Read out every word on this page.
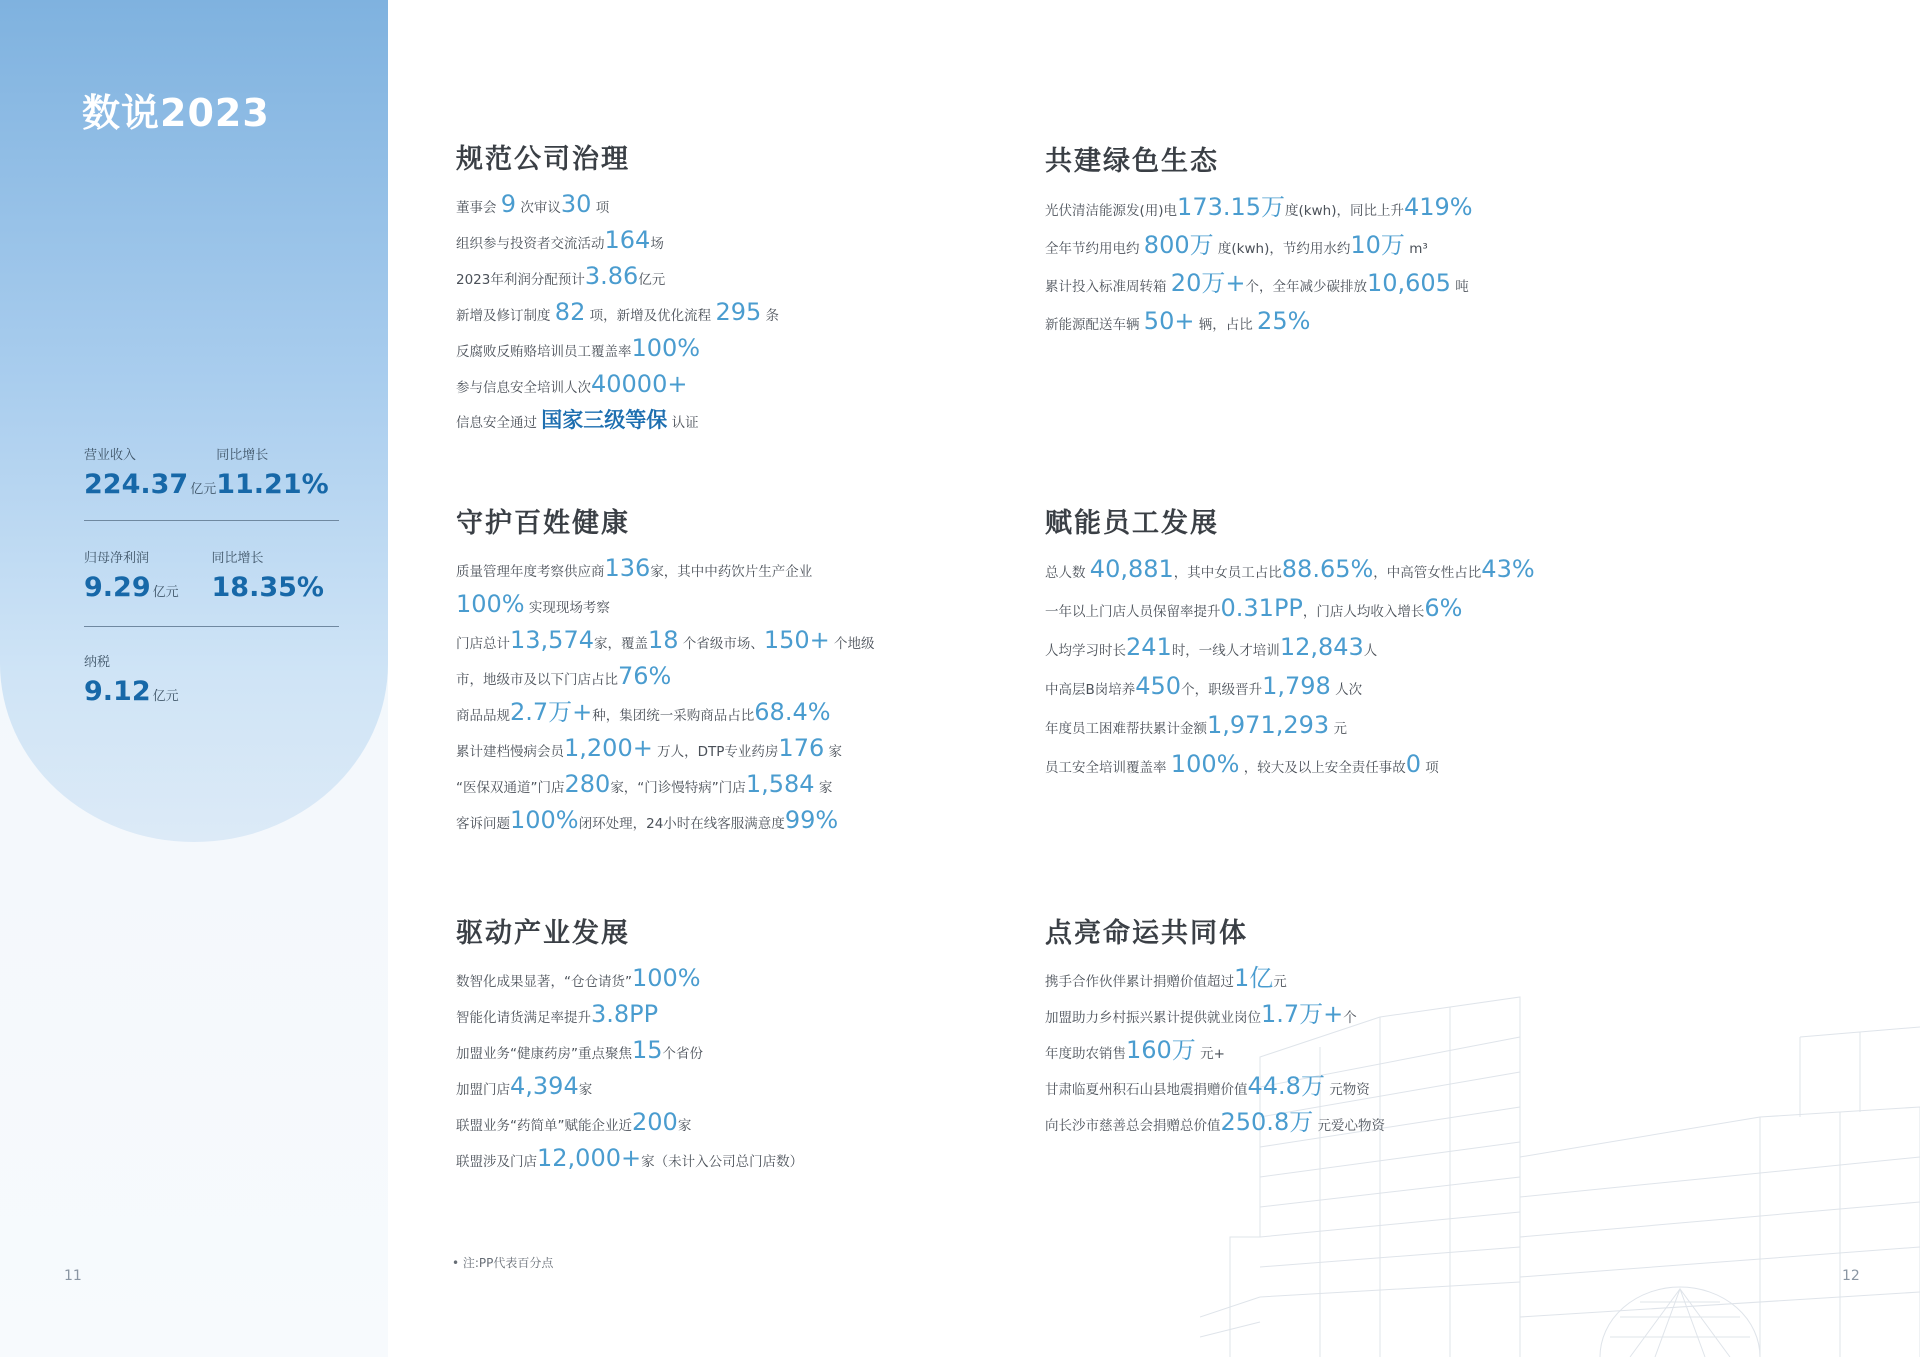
数说2023
营业收入
224.37 亿元
同比增长
11.21%
归母净利润
9.29 亿元
同比增长
18.35%
纳税
9.12 亿元
11
规范公司治理
董事会 9 次审议30 项
组织参与投资者交流活动164场
2023年利润分配预计3.86亿元
新增及修订制度 82 项，新增及优化流程 295 条
反腐败反贿赂培训员工覆盖率100%
参与信息安全培训人次40000+
信息安全通过 国家三级等保 认证
共建绿色生态
光伏清洁能源发(用)电173.15万度(kwh)，同比上升419%
全年节约用电约 800万 度(kwh)，节约用水约10万 m³
累计投入标准周转箱 20万+个，全年减少碳排放10,605 吨
新能源配送车辆 50+ 辆，占比 25%
守护百姓健康
质量管理年度考察供应商136家，其中中药饮片生产企业
100% 实现现场考察
门店总计13,574家，覆盖18 个省级市场、150+ 个地级
市，地级市及以下门店占比76%
商品品规2.7万+种，集团统一采购商品占比68.4%
累计建档慢病会员1,200+ 万人，DTP专业药房176 家
“医保双通道”门店280家，“门诊慢特病”门店1,584 家
客诉问题100%闭环处理，24小时在线客服满意度99%
赋能员工发展
总人数 40,881，其中女员工占比88.65%，中高管女性占比43%
一年以上门店人员保留率提升0.31PP，门店人均收入增长6%
人均学习时长241时，一线人才培训12,843人
中高层B岗培养450个，职级晋升1,798 人次
年度员工困难帮扶累计金额1,971,293 元
员工安全培训覆盖率 100% ，较大及以上安全责任事故0 项
驱动产业发展
数智化成果显著，“仓仓请货”100%
智能化请货满足率提升3.8PP
加盟业务“健康药房”重点聚焦15个省份
加盟门店4,394家
联盟业务“药简单”赋能企业近200家
联盟涉及门店12,000+家（未计入公司总门店数）
点亮命运共同体
携手合作伙伴累计捐赠价值超过1亿元
加盟助力乡村振兴累计提供就业岗位1.7万+个
年度助农销售160万 元+
甘肃临夏州积石山县地震捐赠价值44.8万 元物资
向长沙市慈善总会捐赠总价值250.8万 元爱心物资
• 注:PP代表百分点
12
